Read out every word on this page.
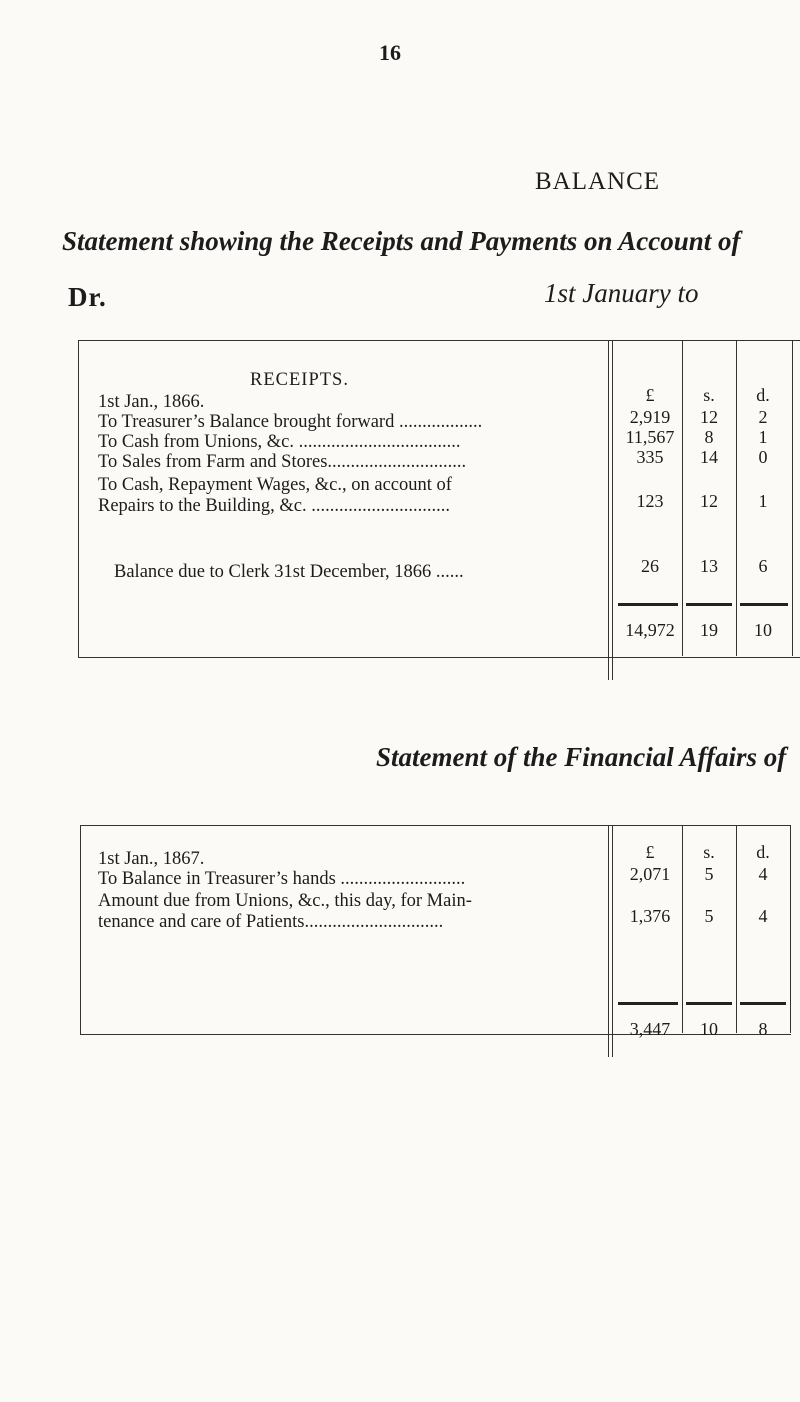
16
BALANCE
Statement showing the Receipts and Payments on Account of
Dr.	1st January to
RECEIPTS.
£	s.	d.
1st Jan., 1866.
To Treasurer’s Balance brought forward ..................	2,919	12	2
To Cash from Unions, &c. ...................................	11,567	8	1
To Sales from Farm and Stores..............................	335	14	0
To Cash, Repayment Wages, &c., on account of
Repairs to the Building, &c. ..............................	123	12	1
Balance due to Clerk 31st December, 1866 ......	26	13	6
14,972	19	10
Statement of the Financial Affairs of
£	s.	d.
1st Jan., 1867.
To Balance in Treasurer’s hands ...........................	2,071	5	4
Amount due from Unions, &c., this day, for Main-
tenance and care of Patients..............................	1,376	5	4
3,447	10	8
